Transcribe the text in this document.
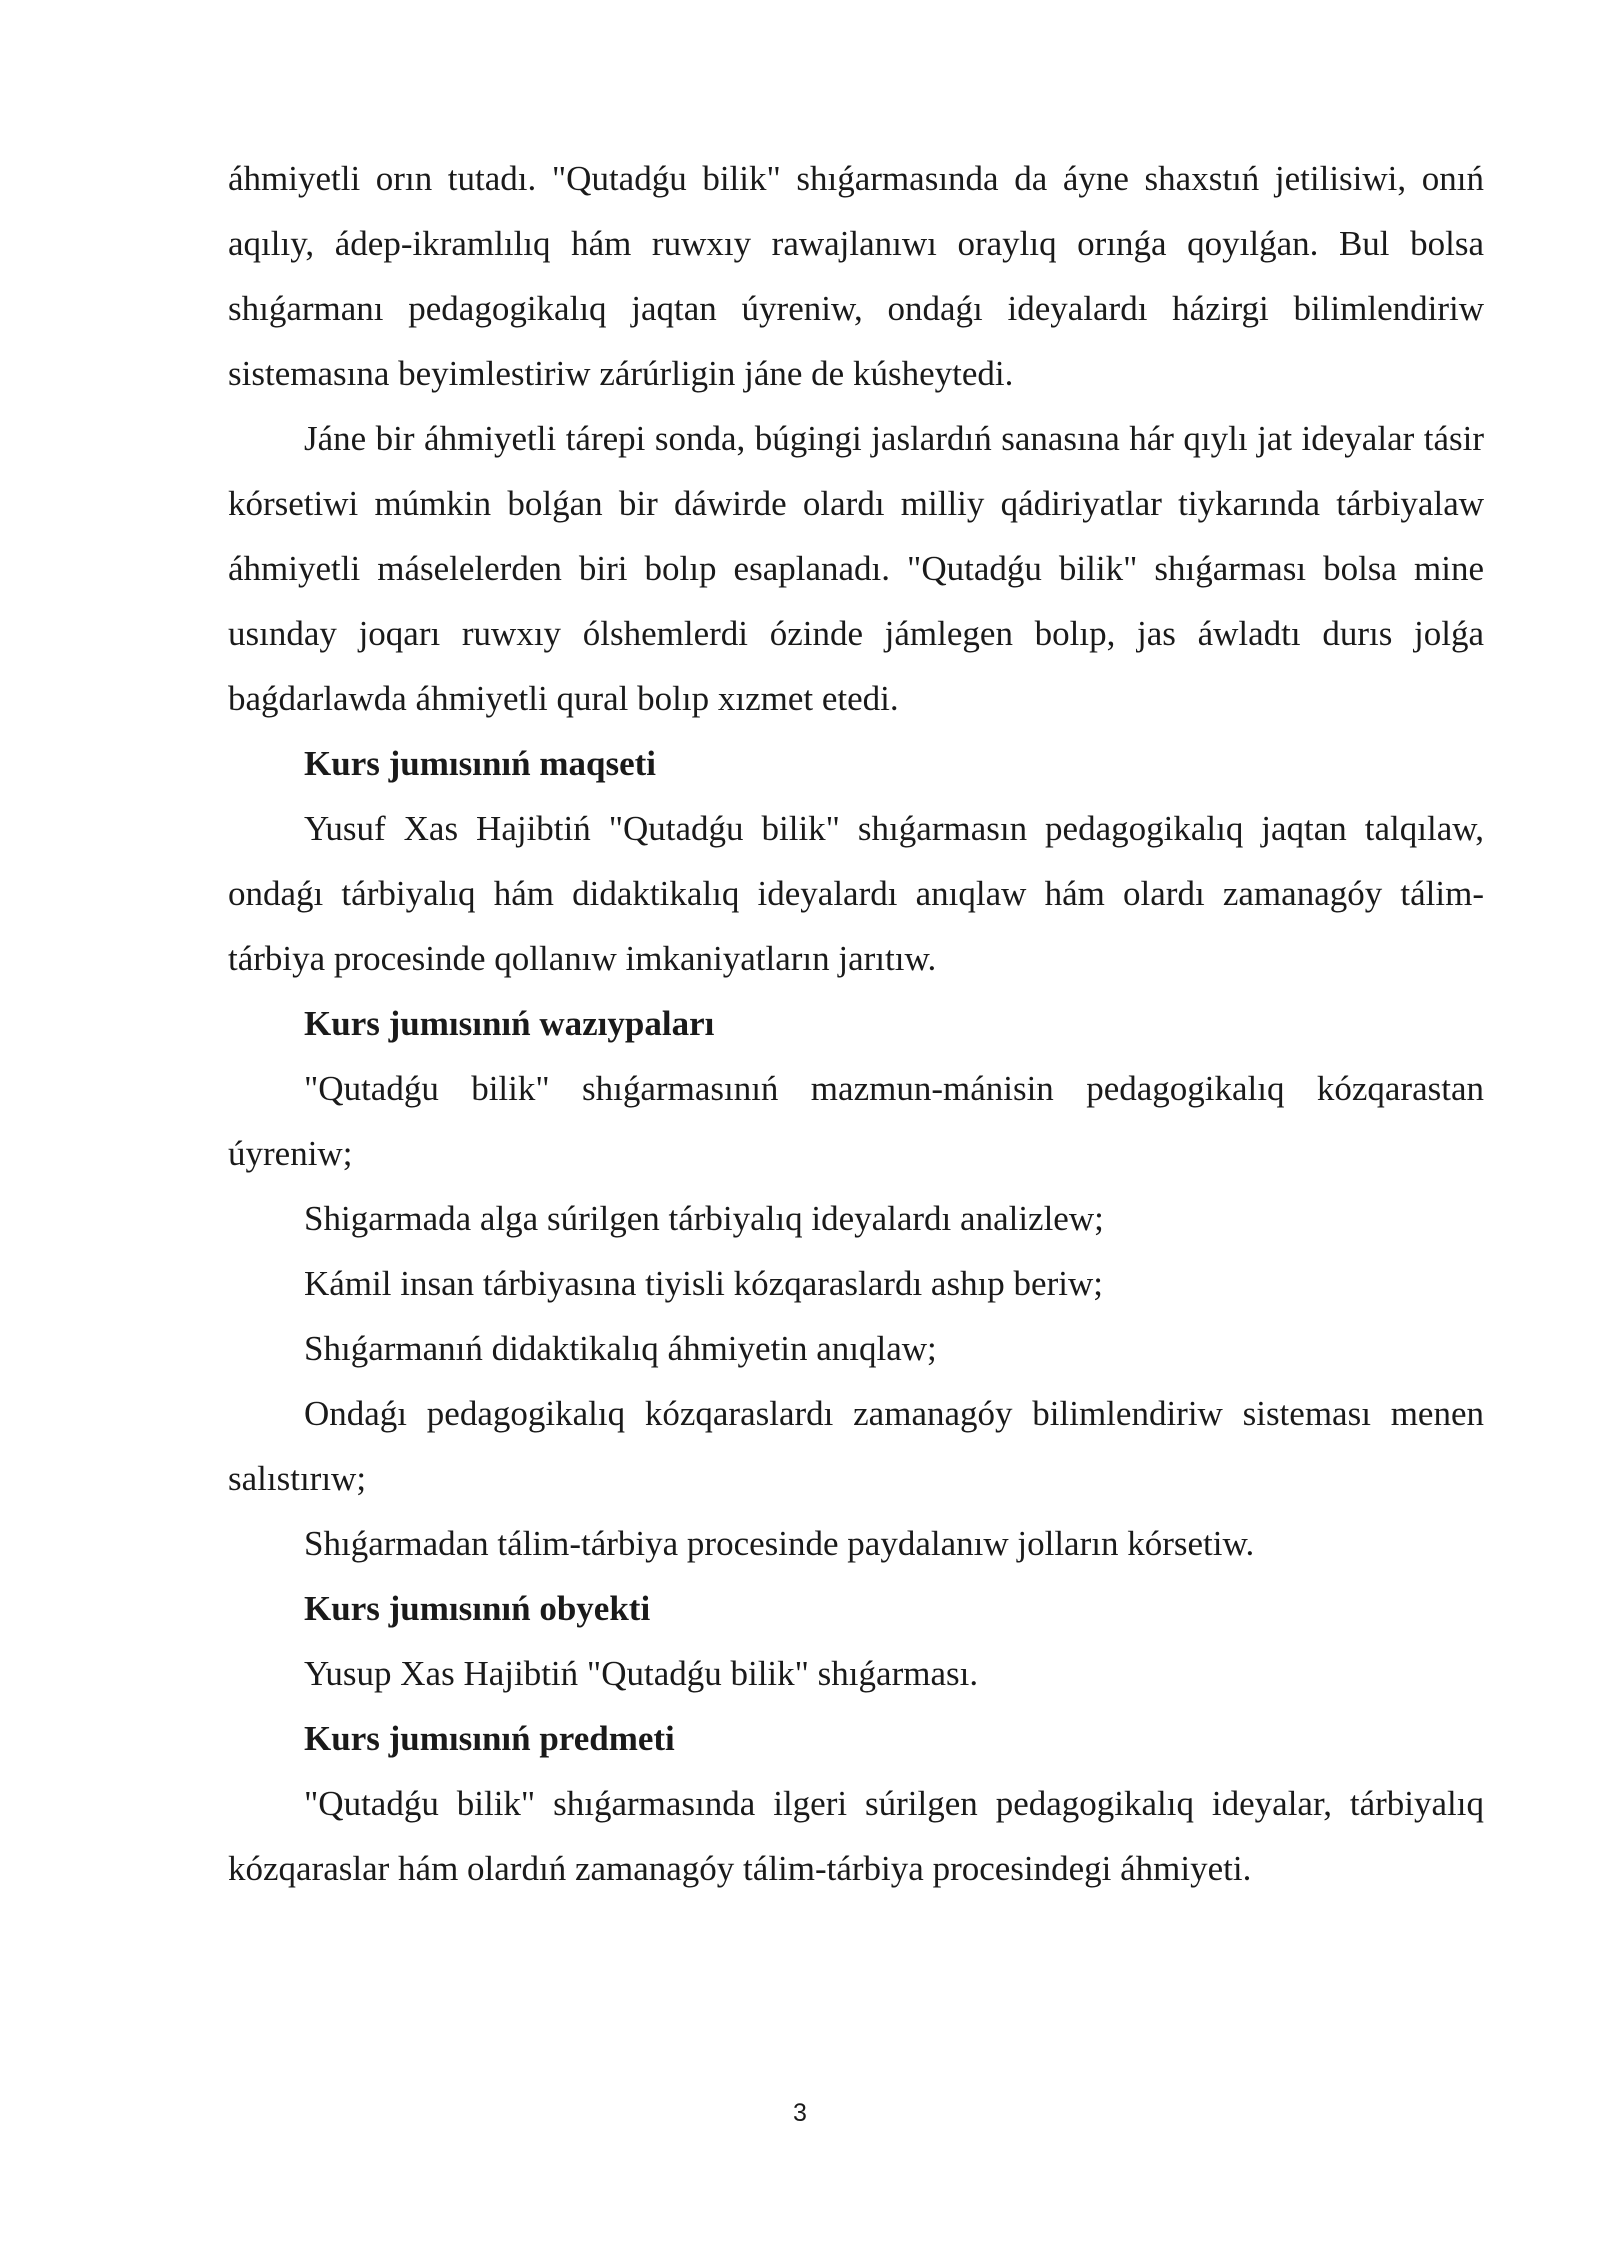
áhmiyetli orın tutadı. "Qutadǵu bilik" shıǵarmasında da áyne shaxstıń jetilisiwi, onıń aqılıy, ádep-ikramlılıq hám ruwxıy rawajlanıwı oraylıq orınǵa qoyılǵan. Bul bolsa shıǵarmanı pedagogikalıq jaqtan úyreniw, ondaǵı ideyalardı házirgi bilimlendiriw sistemasına beyimlestiriw zárúrligin jáne de kúsheytedi.

Jáne bir áhmiyetli tárepi sonda, búgingi jaslardıń sanasına hár qıylı jat ideyalar tásir kórsetiwi múmkin bolǵan bir dáwirde olardı milliy qádiriyatlar tiykarında tárbiyalaw áhmiyetli máselelerden biri bolıp esaplanadı. "Qutadǵu bilik" shıǵarması bolsa mine usınday joqarı ruwxıy ólshemlerdi ózinde jámlegen bolıp, jas áwladtı durıs jolǵa baǵdarlawda áhmiyetli qural bolıp xızmet etedi.

Kurs jumısınıń maqseti

Yusuf Xas Hajibtiń "Qutadǵu bilik" shıǵarmasın pedagogikalıq jaqtan talqılaw, ondaǵı tárbiyalıq hám didaktikalıq ideyalardı anıqlaw hám olardı zamanagóy tálim-tárbiya procesinde qollanıw imkaniyatların jarıtıw.

Kurs jumısınıń wazıypaları

"Qutadǵu bilik" shıǵarmasınıń mazmun-mánisin pedagogikalıq kózqarastan úyreniw;

Shigarmada alga súrilgen tárbiyalıq ideyalardı analizlew;

Kámil insan tárbiyasına tiyisli kózqaraslardı ashıp beriw;

Shıǵarmanıń didaktikalıq áhmiyetin anıqlaw;

Ondaǵı pedagogikalıq kózqaraslardı zamanagóy bilimlendiriw sisteması menen salıstırıw;

Shıǵarmadan tálim-tárbiya procesinde paydalanıw jolların kórsetiw.

Kurs jumısınıń obyekti

Yusup Xas Hajibtiń "Qutadǵu bilik" shıǵarması.

Kurs jumısınıń predmeti

"Qutadǵu bilik" shıǵarmasında ilgeri súrilgen pedagogikalıq ideyalar, tárbiyalıq kózqaraslar hám olardıń zamanagóy tálim-tárbiya procesindegi áhmiyeti.

3
